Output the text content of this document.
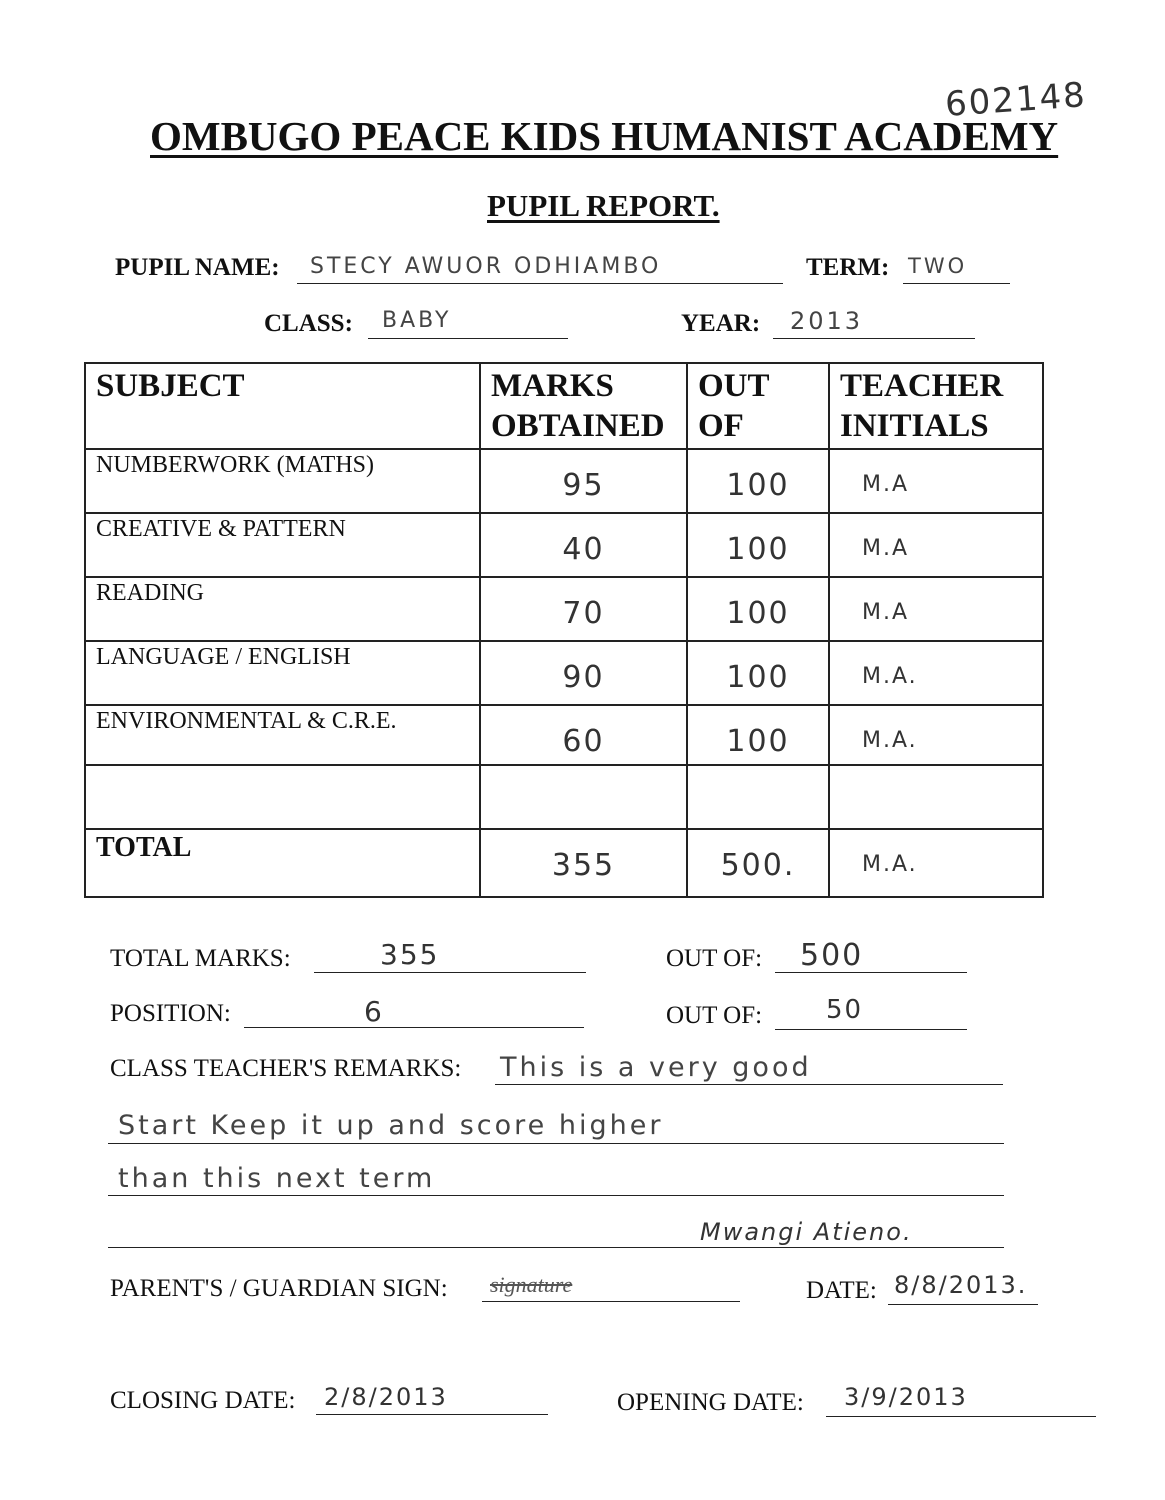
602148
OMBUGO PEACE KIDS HUMANIST ACADEMY
PUPIL REPORT.
PUPIL NAME: STECY AWUOR ODHIAMBO	TERM: TWO
CLASS: BABY	YEAR: 2013
SUBJECT	MARKS OBTAINED	OUT OF	TEACHER INITIALS
NUMBERWORK (MATHS)	95	100	M.A
CREATIVE & PATTERN	40	100	M.A
READING	70	100	M.A
LANGUAGE / ENGLISH	90	100	M.A.
ENVIRONMENTAL & C.R.E.	60	100	M.A.

TOTAL	355	500.	M.A.
TOTAL MARKS:	355	OUT OF: 500
POSITION:	6	OUT OF: 50
CLASS TEACHER'S REMARKS: This is a very good
Start Keep it up and score higher
than this next term
Mwangi Atieno.
PARENT'S / GUARDIAN SIGN: signature	DATE: 8/8/2013.
CLOSING DATE: 2/8/2013	OPENING DATE: 3/9/2013
